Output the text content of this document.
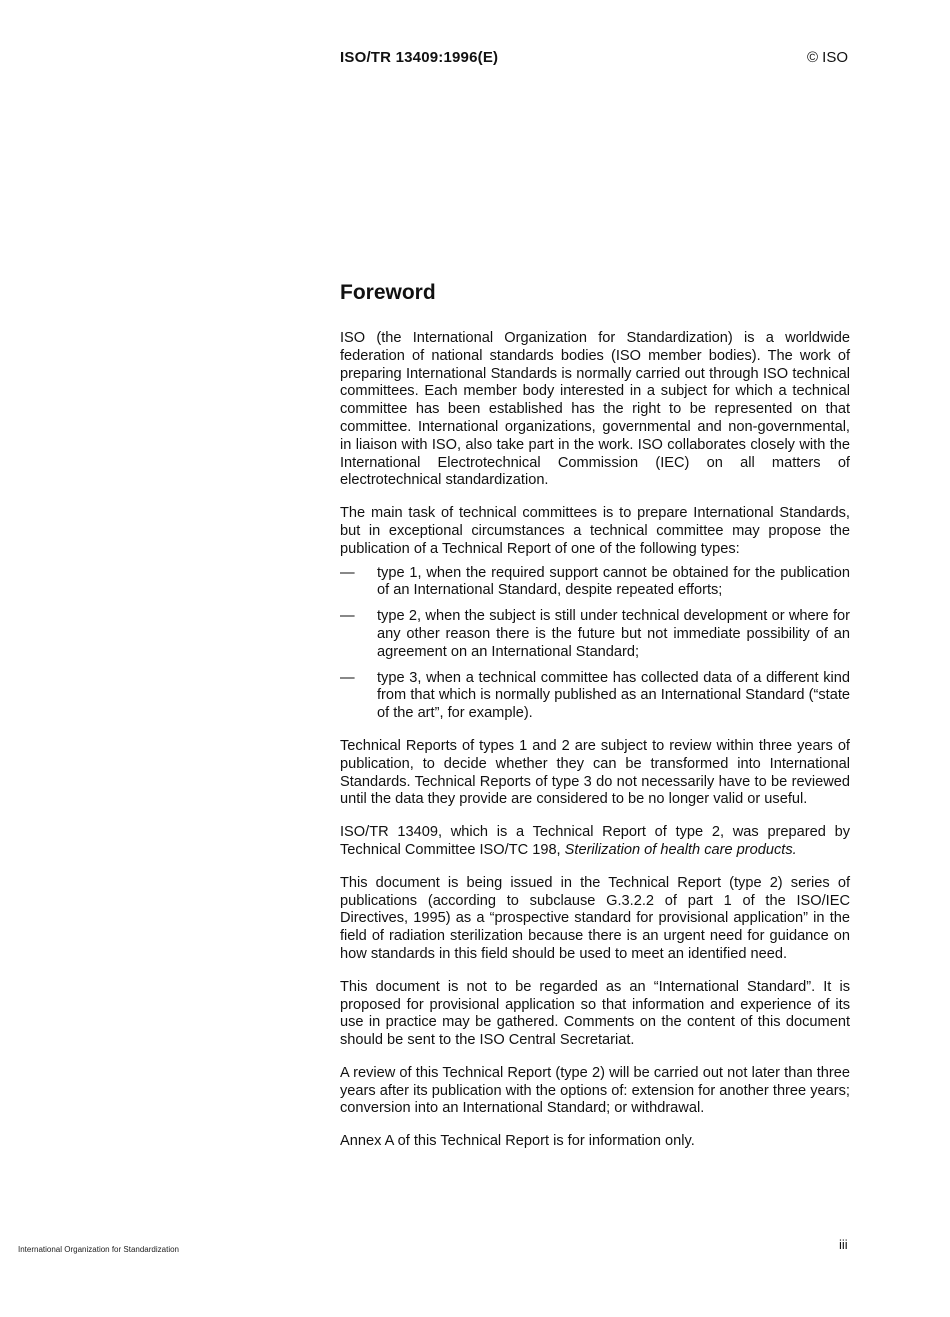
ISO/TR 13409:1996(E)	© ISO
Foreword

ISO (the International Organization for Standardization) is a worldwide federation of national standards bodies (ISO member bodies). The work of preparing International Standards is normally carried out through ISO technical committees. Each member body interested in a subject for which a technical committee has been established has the right to be represented on that committee. International organizations, governmental and non-governmental, in liaison with ISO, also take part in the work. ISO collaborates closely with the International Electrotechnical Commission (IEC) on all matters of electrotechnical standardization.

The main task of technical committees is to prepare International Standards, but in exceptional circumstances a technical committee may propose the publication of a Technical Report of one of the following types:

— type 1, when the required support cannot be obtained for the publication of an International Standard, despite repeated efforts;
— type 2, when the subject is still under technical development or where for any other reason there is the future but not immediate possibility of an agreement on an International Standard;
— type 3, when a technical committee has collected data of a different kind from that which is normally published as an International Standard (“state of the art”, for example).

Technical Reports of types 1 and 2 are subject to review within three years of publication, to decide whether they can be transformed into International Standards. Technical Reports of type 3 do not necessarily have to be reviewed until the data they provide are considered to be no longer valid or useful.

ISO/TR 13409, which is a Technical Report of type 2, was prepared by Technical Committee ISO/TC 198, Sterilization of health care products.

This document is being issued in the Technical Report (type 2) series of publications (according to subclause G.3.2.2 of part 1 of the ISO/IEC Directives, 1995) as a “prospective standard for provisional application” in the field of radiation sterilization because there is an urgent need for guidance on how standards in this field should be used to meet an identified need.

This document is not to be regarded as an “International Standard”. It is proposed for provisional application so that information and experience of its use in practice may be gathered. Comments on the content of this document should be sent to the ISO Central Secretariat.

A review of this Technical Report (type 2) will be carried out not later than three years after its publication with the options of: extension for another three years; conversion into an International Standard; or withdrawal.

Annex A of this Technical Report is for information only.

International Organization for Standardization	iii
